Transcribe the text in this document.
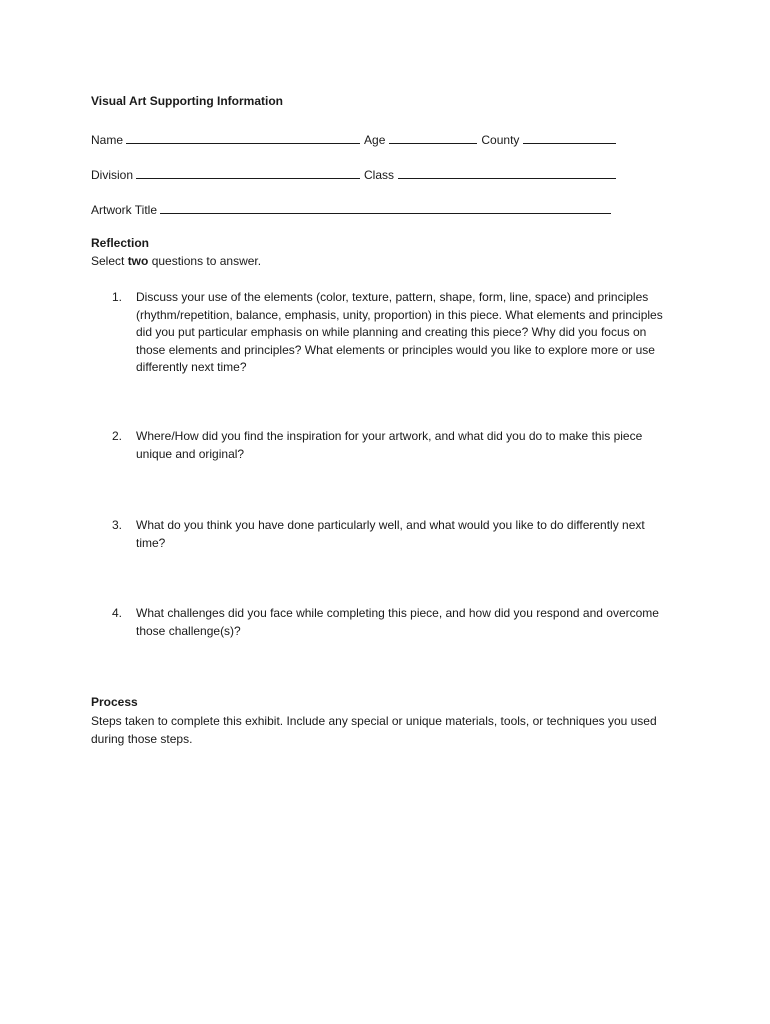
Visual Art Supporting Information
Name	Age	County
Division	Class
Artwork Title
Reflection
Select two questions to answer.
1.	Discuss your use of the elements (color, texture, pattern, shape, form, line, space) and principles (rhythm/repetition, balance, emphasis, unity, proportion) in this piece. What elements and principles did you put particular emphasis on while planning and creating this piece? Why did you focus on those elements and principles? What elements or principles would you like to explore more or use differently next time?
2.	Where/How did you find the inspiration for your artwork, and what did you do to make this piece unique and original?
3.	What do you think you have done particularly well, and what would you like to do differently next time?
4.	What challenges did you face while completing this piece, and how did you respond and overcome those challenge(s)?
Process
Steps taken to complete this exhibit. Include any special or unique materials, tools, or techniques you used during those steps.
